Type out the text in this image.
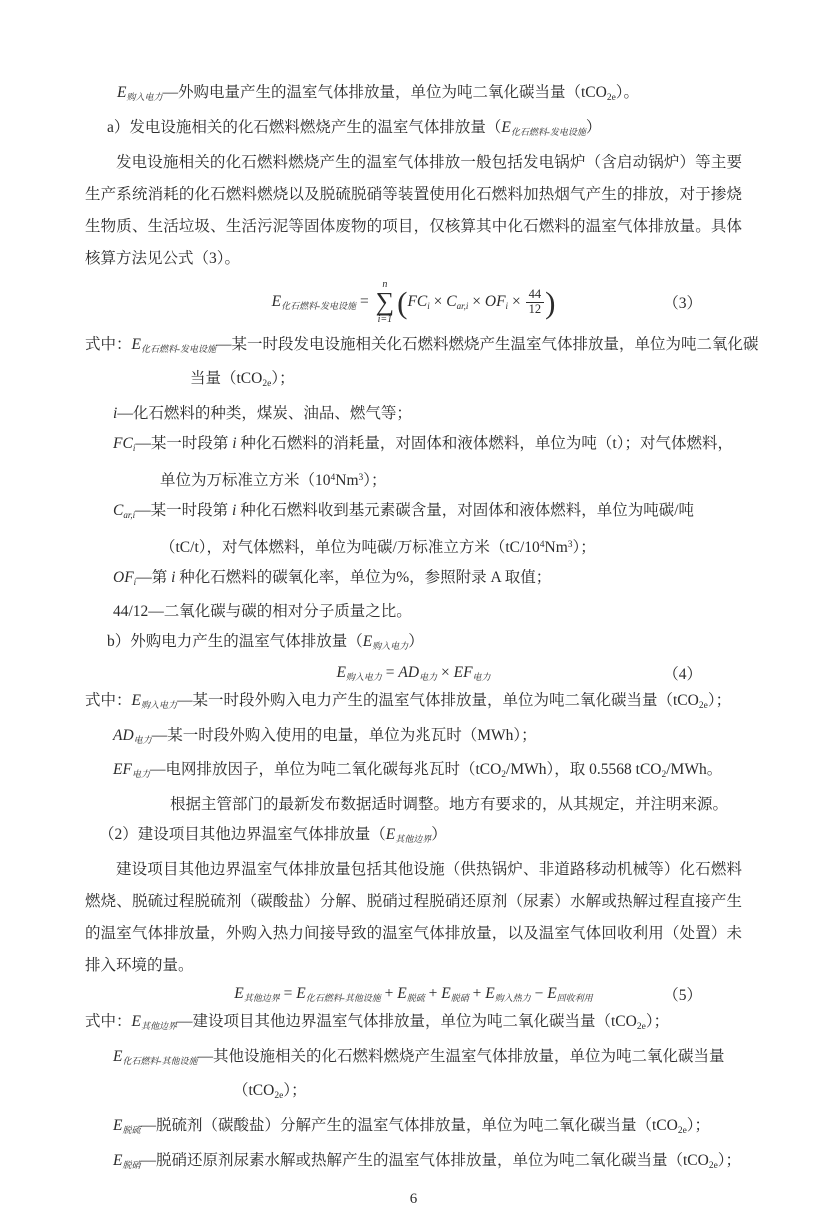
$E_{购入电力}—$外购电量产生的温室气体排放量，单位为吨二氧化碳当量（tCO$_{2e}$）。
a）发电设施相关的化石燃料燃烧产生的温室气体排放量$(E_{化石燃料-发电设施})$
发电设施相关的化石燃料燃烧产生的温室气体排放一般包括发电锅炉（含启动锅炉）等主要生产系统消耗的化石燃料燃烧以及脱硫脱硝等装置使用化石燃料加热烟气产生的排放，对于掺烧生物质、生活垃圾、生活污泥等固体废物的项目，仅核算其中化石燃料的温室气体排放量。具体核算方法见公式（3）。
$E_{化石燃料-发电设施}$ =
n
∑
i=1 ($FC_i \times C_{ar,i} \times OF_i \times \frac{44}{12}$ )	（3）
式中：$E_{化石燃料-发电设施}—$某一时段发电设施相关化石燃料燃烧产生温室气体排放量，单位为吨二氧化碳
当量（tCO$_{2e}$）；
i—化石燃料的种类，煤炭、油品、燃气等；
$FC_i—$某一时段第 i 种化石燃料的消耗量，对固体和液体燃料，单位为吨（t）；对气体燃料，
单位为万标准立方米$(10^4Nm^3)$；
$C_{ar,i}—$某一时段第 i 种化石燃料收到基元素碳含量，对固体和液体燃料，单位为吨碳/吨
（tC/t），对气体燃料，单位为吨碳/万标准立方米$(tC/10^4Nm^3)$；
$OF_i—$第 i 种化石燃料的碳氧化率，单位为%，参照附录 A 取值；
44/12—二氧化碳与碳的相对分子质量之比。
b）外购电力产生的温室气体排放量$(E_{购入电力})$
$E_{购入电力} = AD_{电力} \times EF_{电力}$	（4）
式中：$E_{购入电力}—$某一时段外购入电力产生的温室气体排放量，单位为吨二氧化碳当量（tCO$_{2e}$）；
$AD_{电力}—$某一时段外购入使用的电量，单位为兆瓦时（MWh）；
$EF_{电力}—$电网排放因子，单位为吨二氧化碳每兆瓦时（tCO$_2$/MWh），取 0.5568 tCO$_2$/MWh。
根据主管部门的最新发布数据适时调整。地方有要求的，从其规定，并注明来源。
（2）建设项目其他边界温室气体排放量$(E_{其他边界})$
建设项目其他边界温室气体排放量包括其他设施（供热锅炉、非道路移动机械等）化石燃料燃烧、脱硫过程脱硫剂（碳酸盐）分解、脱硝过程脱硝还原剂（尿素）水解或热解过程直接产生的温室气体排放量，外购入热力间接导致的温室气体排放量，以及温室气体回收利用（处置）未排入环境的量。
$E_{其他边界} = E_{化石燃料-其他设施} + E_{脱硫} + E_{脱硝} + E_{购入热力} - E_{回收利用}$	（5）
式中：$E_{其他边界}—$建设项目其他边界温室气体排放量，单位为吨二氧化碳当量（tCO$_{2e}$）；
$E_{化石燃料-其他设施}—$其他设施相关的化石燃料燃烧产生温室气体排放量，单位为吨二氧化碳当量
（tCO$_{2e}$）；
$E_{脱硫}—$脱硫剂（碳酸盐）分解产生的温室气体排放量，单位为吨二氧化碳当量（tCO$_{2e}$）；
$E_{脱硝}—$脱硝还原剂尿素水解或热解产生的温室气体排放量，单位为吨二氧化碳当量（tCO$_{2e}$）；
6
